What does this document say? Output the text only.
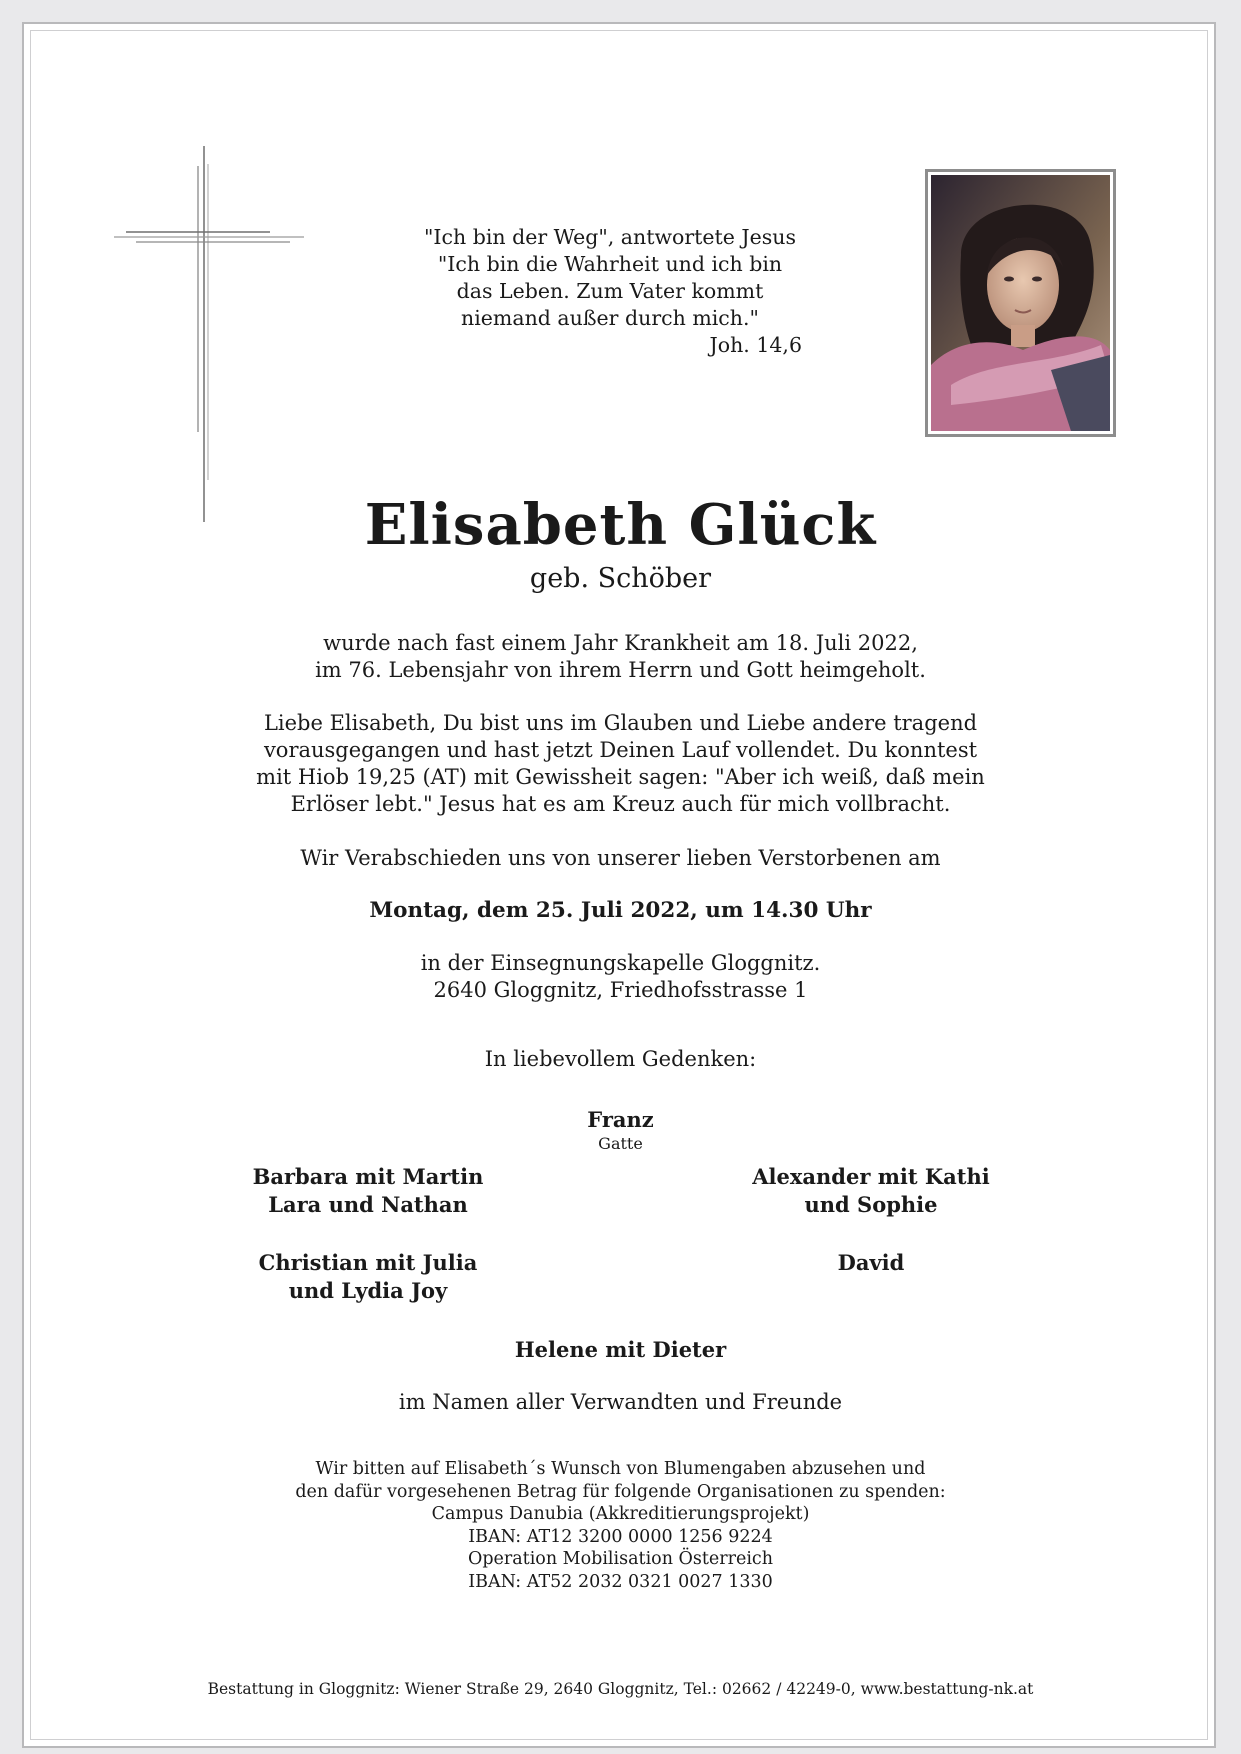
"Ich bin der Weg", antwortete Jesus
"Ich bin die Wahrheit und ich bin
das Leben. Zum Vater kommt
niemand außer durch mich."
Joh. 14,6
Elisabeth Glück
geb. Schöber
wurde nach fast einem Jahr Krankheit am 18. Juli 2022,
im 76. Lebensjahr von ihrem Herrn und Gott heimgeholt.
Liebe Elisabeth, Du bist uns im Glauben und Liebe andere tragend
vorausgegangen und hast jetzt Deinen Lauf vollendet. Du konntest
mit Hiob 19,25 (AT) mit Gewissheit sagen: "Aber ich weiß, daß mein
Erlöser lebt." Jesus hat es am Kreuz auch für mich vollbracht.
Wir Verabschieden uns von unserer lieben Verstorbenen am
Montag, dem 25. Juli 2022, um 14.30 Uhr
in der Einsegnungskapelle Gloggnitz.
2640 Gloggnitz, Friedhofsstrasse 1
In liebevollem Gedenken:
Franz
Gatte
Barbara mit Martin
Lara und Nathan
Alexander mit Kathi
und Sophie
Christian mit Julia
und Lydia Joy
David
Helene mit Dieter
im Namen aller Verwandten und Freunde
Wir bitten auf Elisabeth´s Wunsch von Blumengaben abzusehen und
den dafür vorgesehenen Betrag für folgende Organisationen zu spenden:
Campus Danubia (Akkreditierungsprojekt)
IBAN: AT12 3200 0000 1256 9224
Operation Mobilisation Österreich
IBAN: AT52 2032 0321 0027 1330
Bestattung in Gloggnitz: Wiener Straße 29, 2640 Gloggnitz, Tel.: 02662 / 42249-0, www.bestattung-nk.at
